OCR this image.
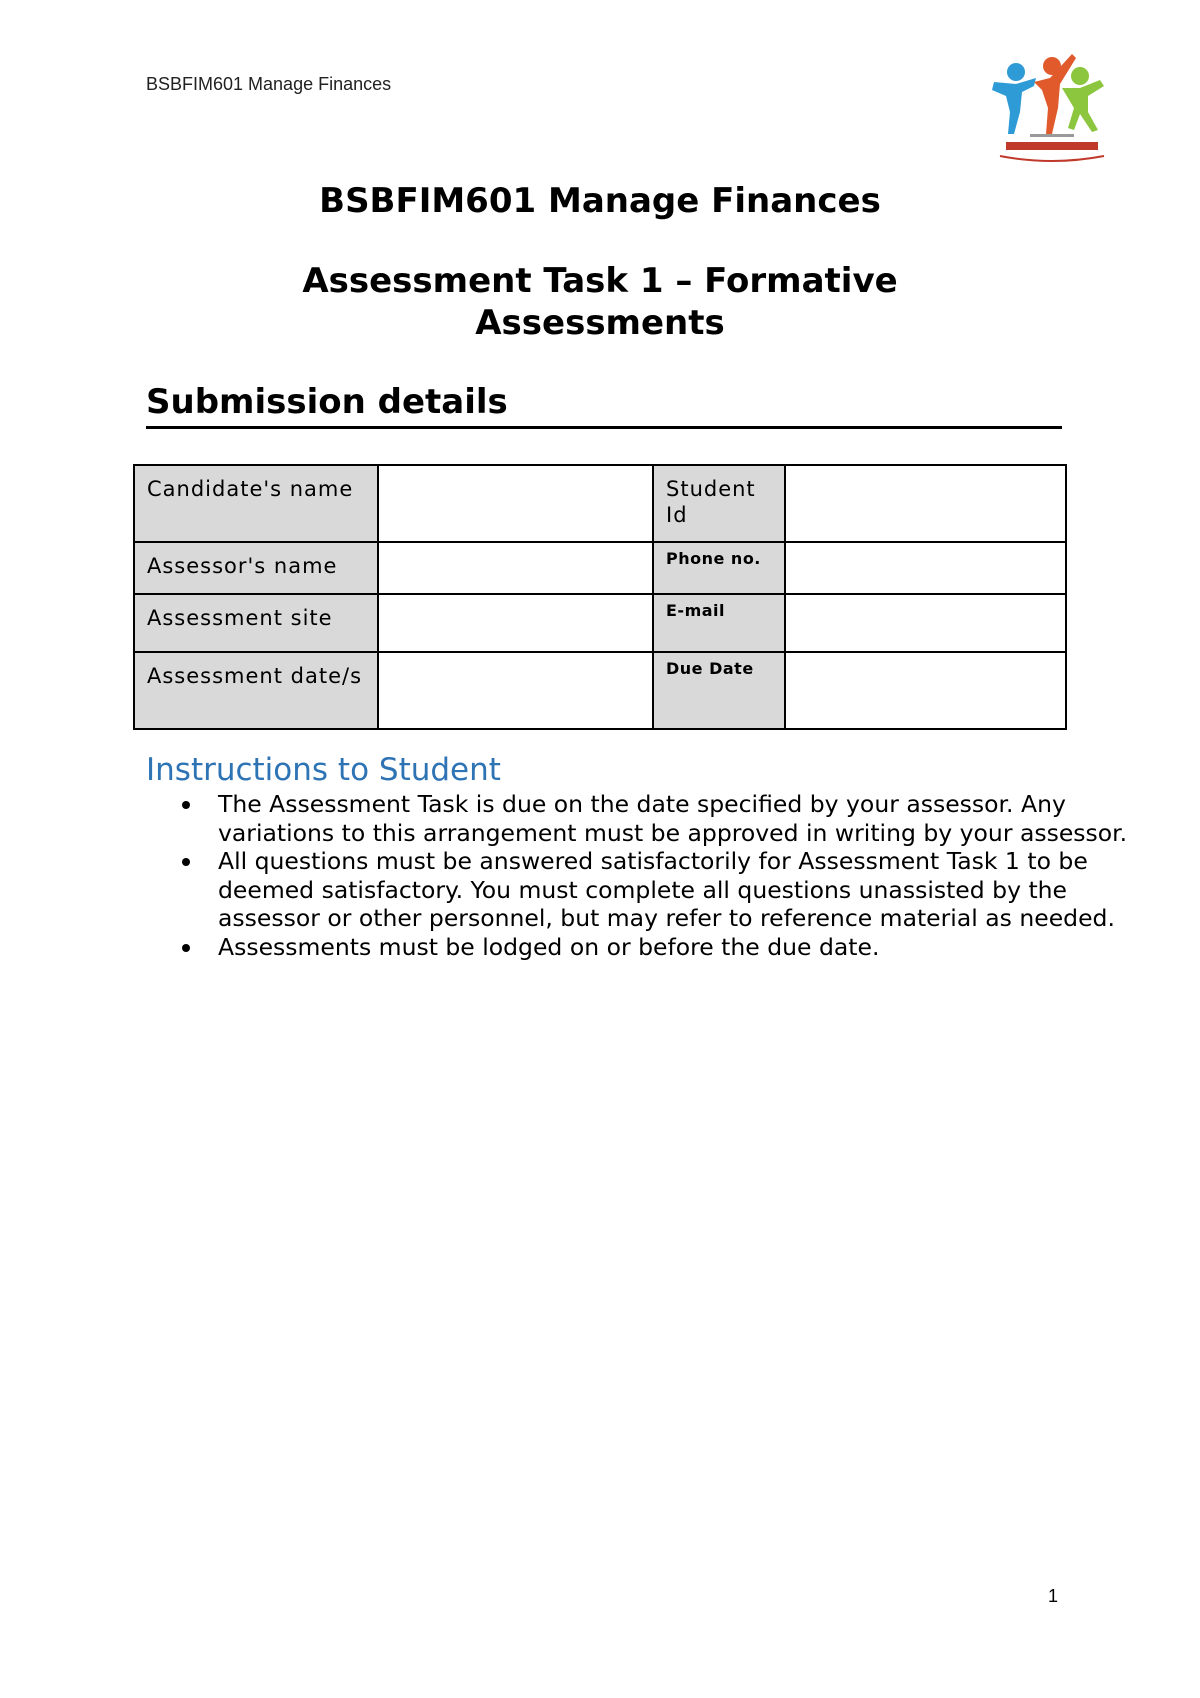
BSBFIM601 Manage Finances
BSBFIM601 Manage Finances
Assessment Task 1 – Formative Assessments
Submission details
Candidate's name		Student Id	
Assessor's name		Phone no.	
Assessment site		E-mail	
Assessment date/s		Due Date	
Instructions to Student
The Assessment Task is due on the date specified by your assessor. Any variations to this arrangement must be approved in writing by your assessor.
All questions must be answered satisfactorily for Assessment Task 1 to be deemed satisfactory. You must complete all questions unassisted by the assessor or other personnel, but may refer to reference material as needed.
Assessments must be lodged on or before the due date.
1
